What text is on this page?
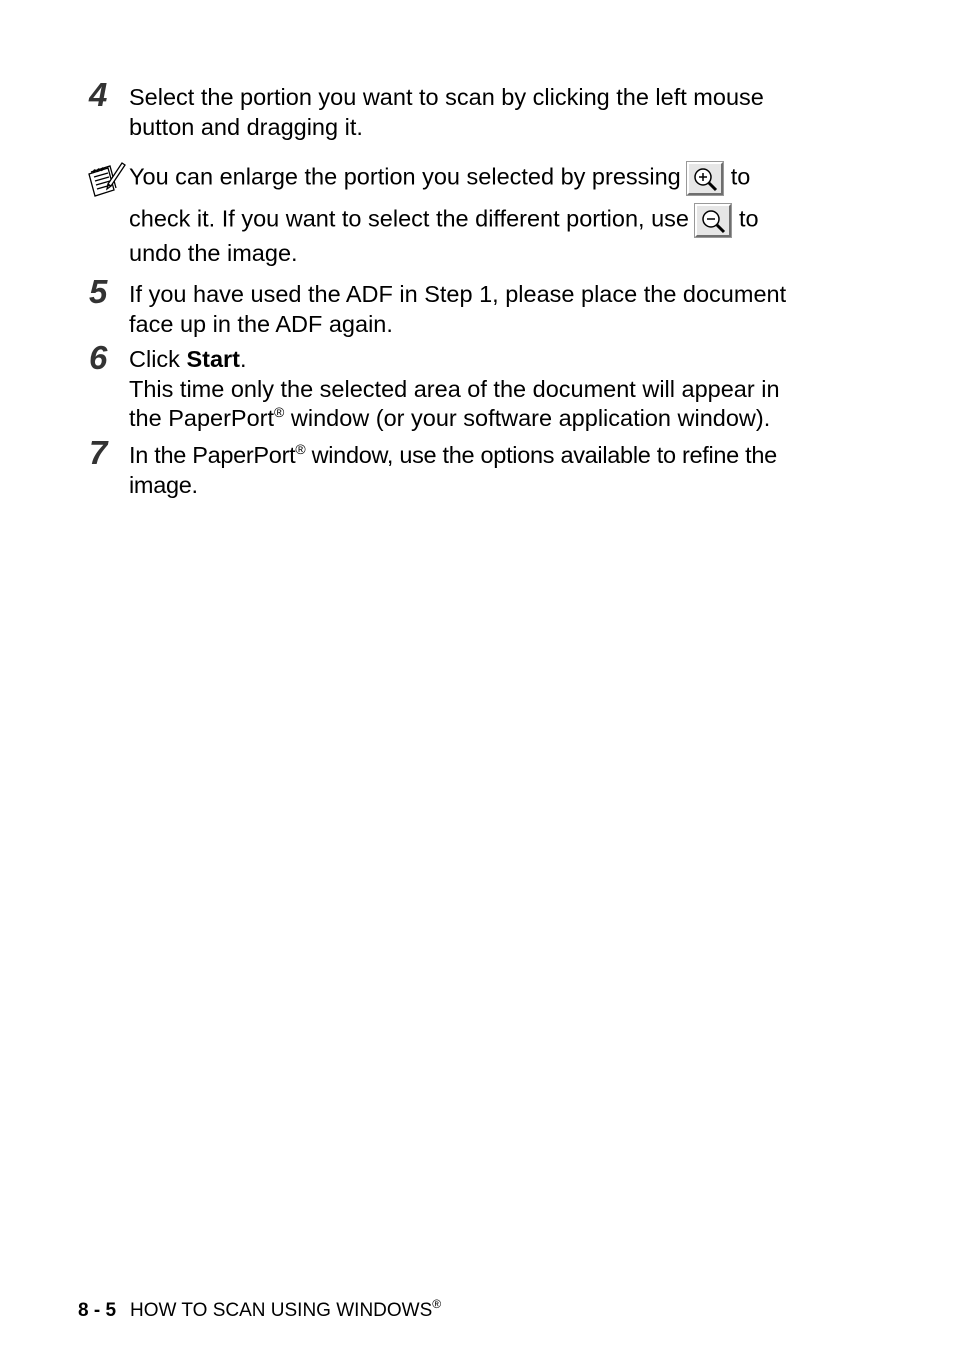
4 Select the portion you want to scan by clicking the left mouse
button and dragging it.
You can enlarge the portion you selected by pressing to
check it. If you want to select the different portion, use to
undo the image.
5 If you have used the ADF in Step 1, please place the document
face up in the ADF again.
6 Click Start.
This time only the selected area of the document will appear in
the PaperPort® window (or your software application window).
7 In the PaperPort® window, use the options available to refine the
image.
8 - 5 HOW TO SCAN USING WINDOWS®
